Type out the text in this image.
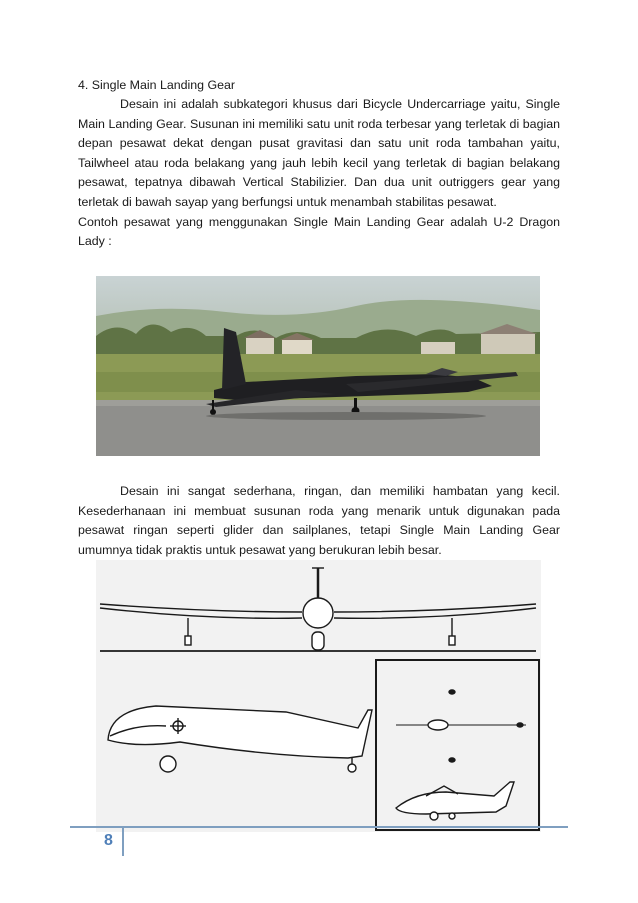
4. Single Main Landing Gear

Desain ini adalah subkategori khusus dari Bicycle Undercarriage yaitu, Single Main Landing Gear. Susunan ini memiliki satu unit roda terbesar yang terletak di bagian depan pesawat dekat dengan pusat gravitasi dan satu unit roda tambahan yaitu, Tailwheel atau roda belakang yang jauh lebih kecil yang terletak di bagian belakang pesawat, tepatnya dibawah Vertical Stabilizier. Dan dua unit outriggers gear yang terletak di bawah sayap yang berfungsi untuk menambah stabilitas pesawat.

Contoh pesawat yang menggunakan Single Main Landing Gear adalah U-2 Dragon Lady :

Desain ini sangat sederhana, ringan, dan memiliki hambatan yang kecil. Kesederhanaan ini membuat susunan roda yang menarik untuk digunakan pada pesawat ringan seperti glider dan sailplanes, tetapi Single Main Landing Gear umumnya tidak praktis untuk pesawat yang berukuran lebih besar.

8
